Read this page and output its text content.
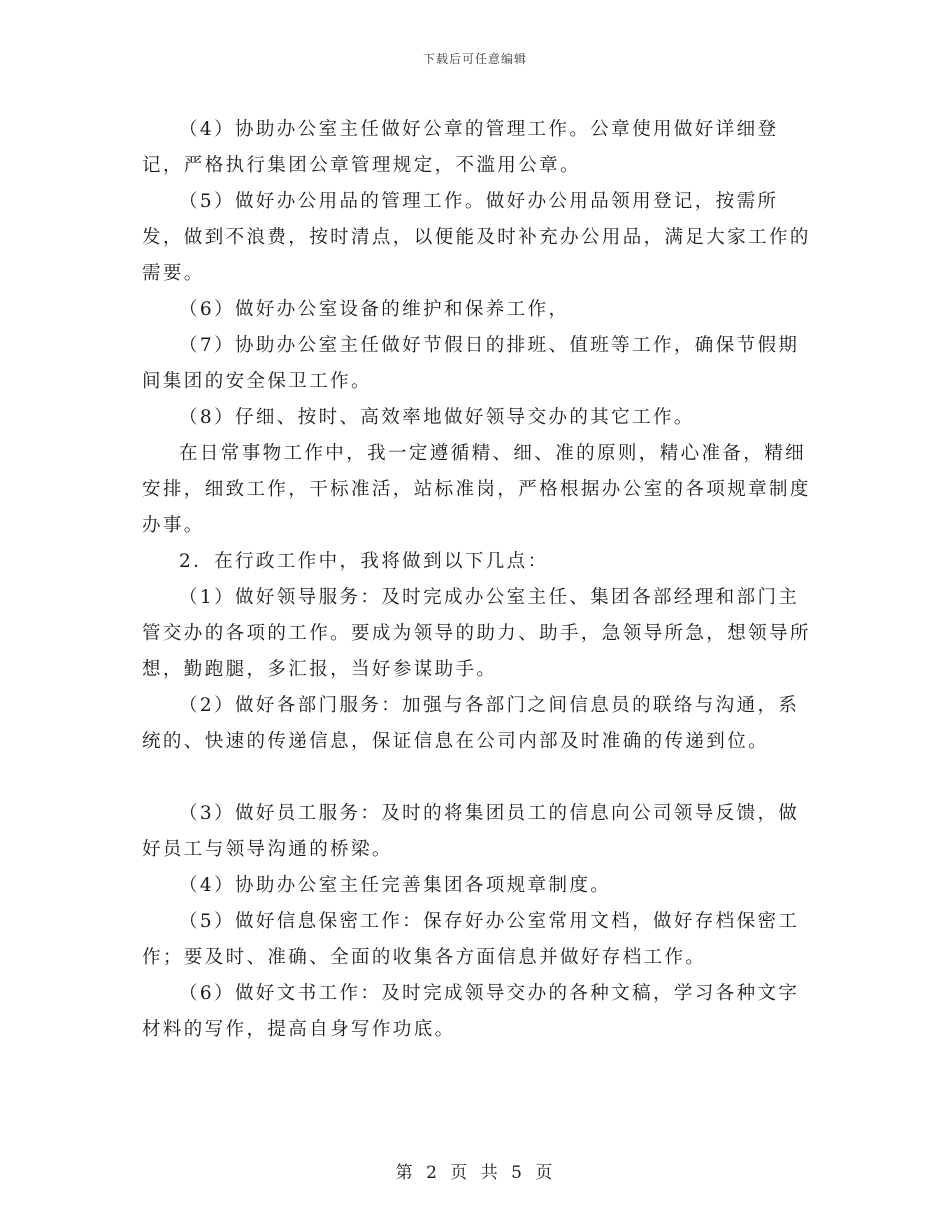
下载后可任意编辑

（4）协助办公室主任做好公章的管理工作。公章使用做好详细登记，严格执行集团公章管理规定，不滥用公章。

（5）做好办公用品的管理工作。做好办公用品领用登记，按需所发，做到不浪费，按时清点，以便能及时补充办公用品，满足大家工作的需要。

（6）做好办公室设备的维护和保养工作，

（7）协助办公室主任做好节假日的排班、值班等工作，确保节假期间集团的安全保卫工作。

（8）仔细、按时、高效率地做好领导交办的其它工作。

在日常事物工作中，我一定遵循精、细、准的原则，精心准备，精细安排，细致工作，干标准活，站标准岗，严格根据办公室的各项规章制度办事。

2．在行政工作中，我将做到以下几点：

（1）做好领导服务：及时完成办公室主任、集团各部经理和部门主管交办的各项的工作。要成为领导的助力、助手，急领导所急，想领导所想，勤跑腿，多汇报，当好参谋助手。

（2）做好各部门服务：加强与各部门之间信息员的联络与沟通，系统的、快速的传递信息，保证信息在公司内部及时准确的传递到位。

（3）做好员工服务：及时的将集团员工的信息向公司领导反馈，做好员工与领导沟通的桥梁。

（4）协助办公室主任完善集团各项规章制度。

（5）做好信息保密工作：保存好办公室常用文档，做好存档保密工作；要及时、准确、全面的收集各方面信息并做好存档工作。

（6）做好文书工作：及时完成领导交办的各种文稿，学习各种文字材料的写作，提高自身写作功底。

第 2 页 共 5 页
